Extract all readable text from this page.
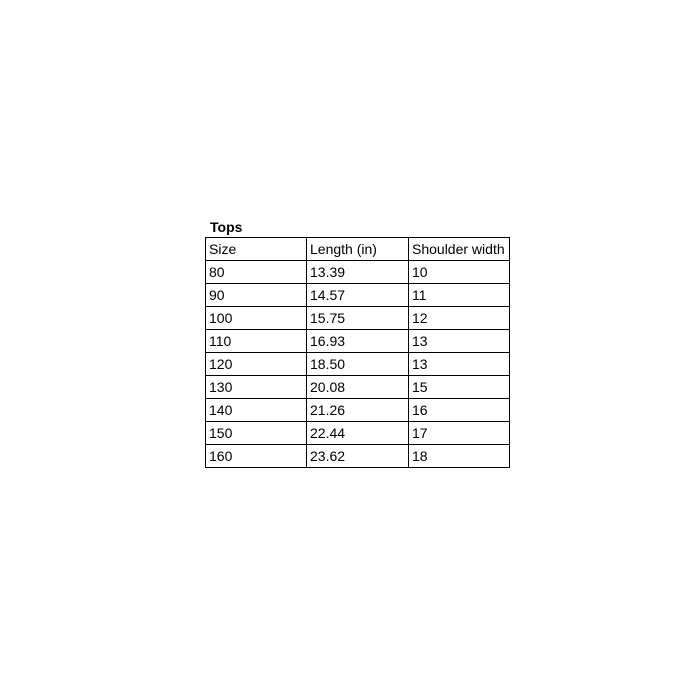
Tops
Size	Length (in)	Shoulder width
80	13.39	10
90	14.57	11
100	15.75	12
110	16.93	13
120	18.50	13
130	20.08	15
140	21.26	16
150	22.44	17
160	23.62	18
